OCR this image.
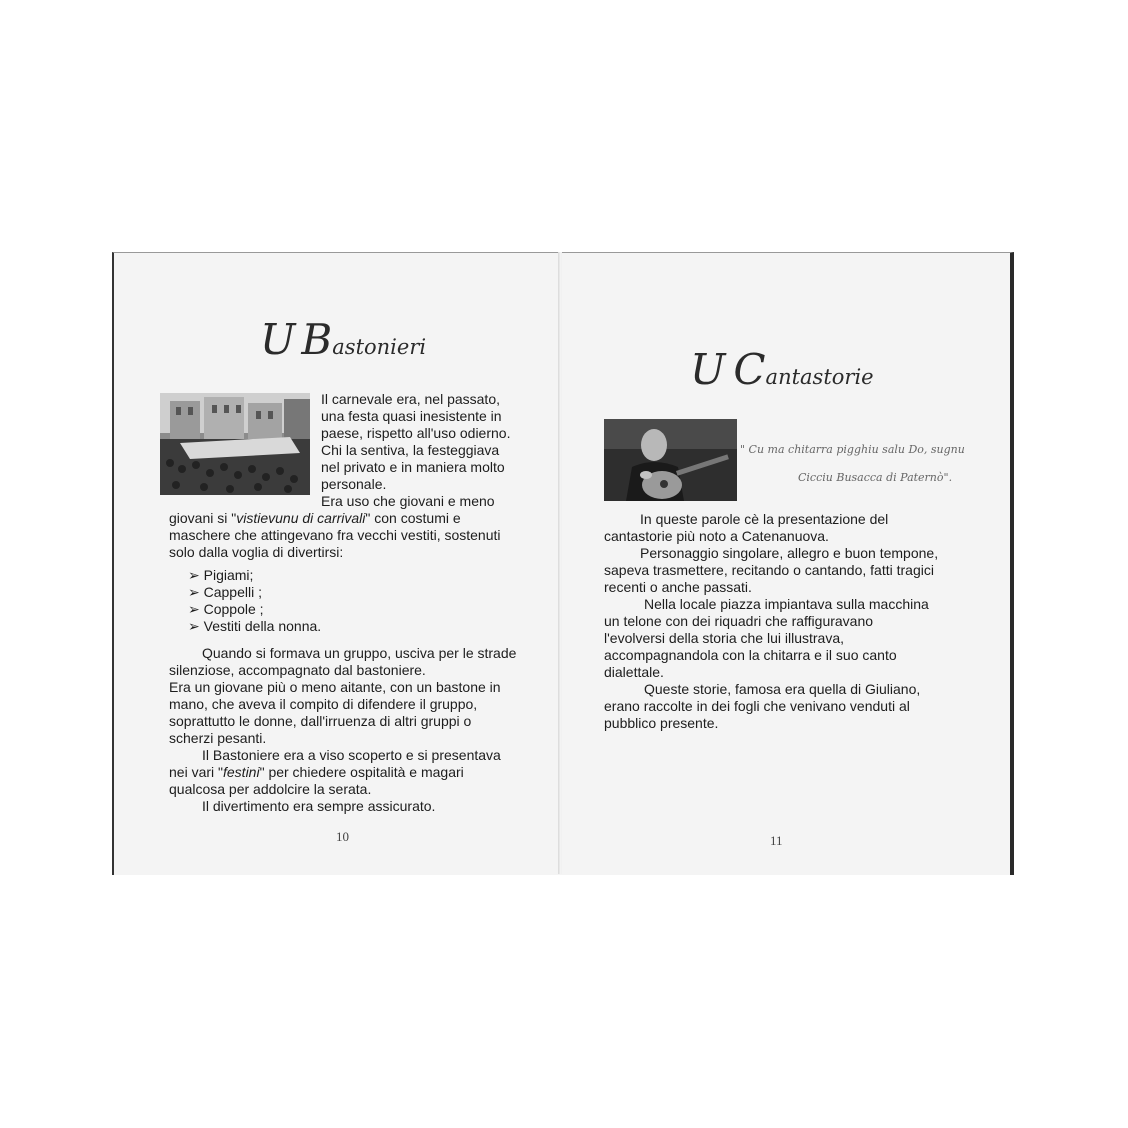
U Bastonieri
Il carnevale era, nel passato,
una festa quasi inesistente in
paese, rispetto all'uso odierno.
Chi la sentiva, la festeggiava
nel privato e in maniera molto
personale.
Era uso che giovani e meno
giovani si "vistievunu di carrivali" con costumi e
maschere che attingevano fra vecchi vestiti, sostenuti
solo dalla voglia di divertirsi:
➢ Pigiami;
➢ Cappelli ;
➢ Coppole ;
➢ Vestiti della nonna.
Quando si formava un gruppo, usciva per le strade
silenziose, accompagnato dal bastoniere.
Era un giovane più o meno aitante, con un bastone in
mano, che aveva il compito di difendere il gruppo,
soprattutto le donne, dall'irruenza di altri gruppi o
scherzi pesanti.
Il Bastoniere era a viso scoperto e si presentava
nei vari "festini" per chiedere ospitalità e magari
qualcosa per addolcire la serata.
Il divertimento era sempre assicurato.
10
U Cantastorie
" Cu ma chitarra pigghiu salu Do, sugnu
Cicciu Busacca di Paternò".
In queste parole cè la presentazione del
cantastorie più noto a Catenanuova.
Personaggio singolare, allegro e buon tempone,
sapeva trasmettere, recitando o cantando, fatti tragici
recenti o anche passati.
Nella locale piazza impiantava sulla macchina
un telone con dei riquadri che raffiguravano
l'evolversi della storia che lui illustrava,
accompagnandola con la chitarra e il suo canto
dialettale.
Queste storie, famosa era quella di Giuliano,
erano raccolte in dei fogli che venivano venduti al
pubblico presente.
11
